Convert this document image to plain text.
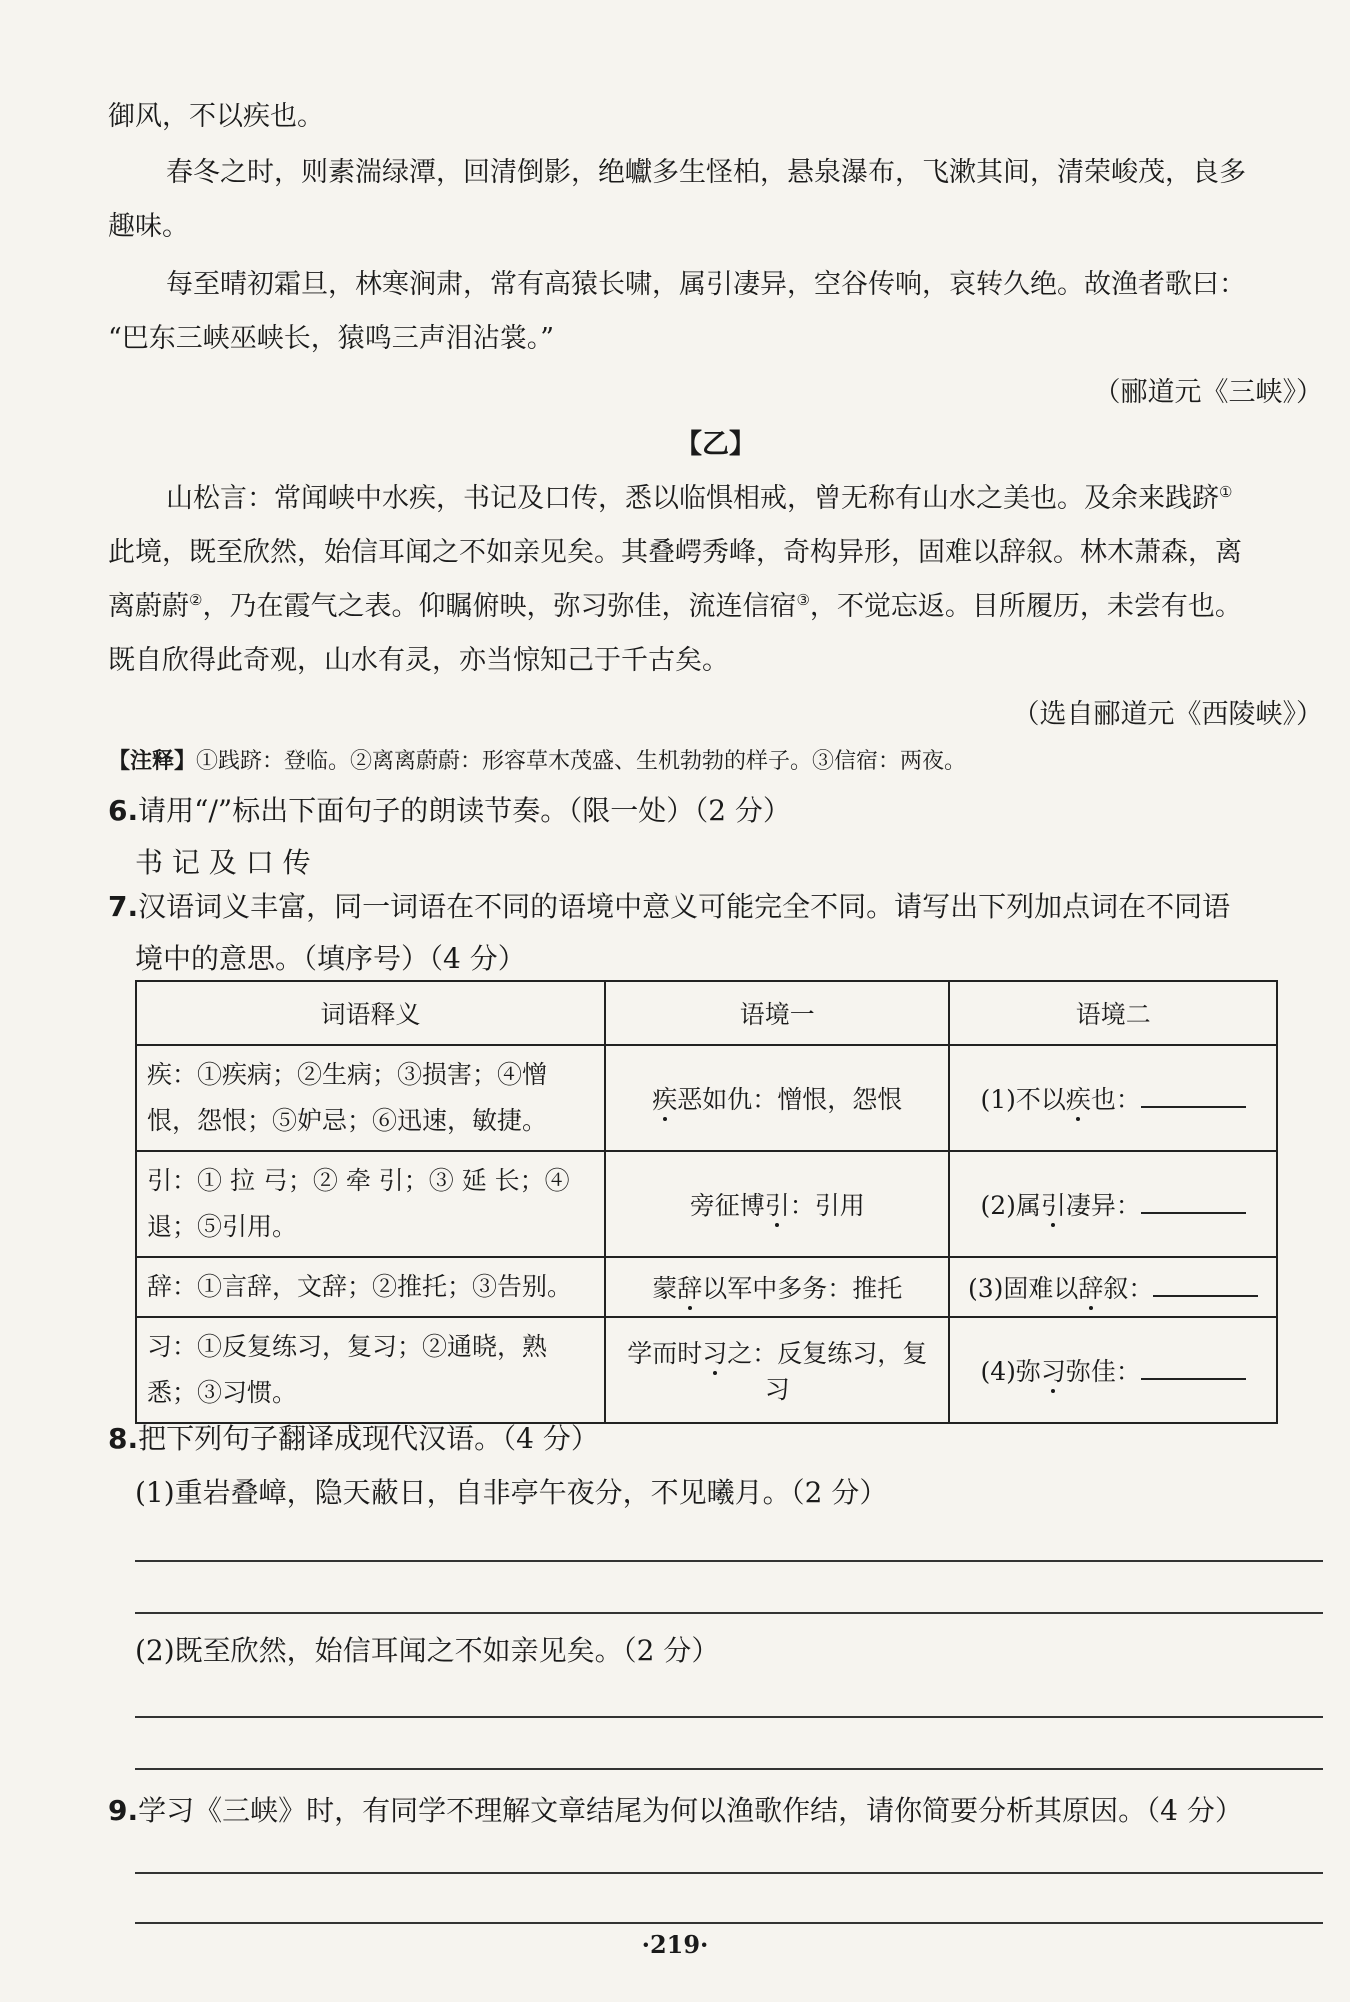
御风，不以疾也。
春冬之时，则素湍绿潭，回清倒影，绝巘多生怪柏，悬泉瀑布，飞漱其间，清荣峻茂，良多
趣味。
每至晴初霜旦，林寒涧肃，常有高猿长啸，属引凄异，空谷传响，哀转久绝。故渔者歌曰：
“巴东三峡巫峡长，猿鸣三声泪沾裳。”
（郦道元《三峡》）
【乙】
山松言：常闻峡中水疾，书记及口传，悉以临惧相戒，曾无称有山水之美也。及余来践跻①
此境，既至欣然，始信耳闻之不如亲见矣。其叠崿秀峰，奇构异形，固难以辞叙。林木萧森，离
离蔚蔚②，乃在霞气之表。仰瞩俯映，弥习弥佳，流连信宿③，不觉忘返。目所履历，未尝有也。
既自欣得此奇观，山水有灵，亦当惊知己于千古矣。
（选自郦道元《西陵峡》）
【注释】①践跻：登临。②离离蔚蔚：形容草木茂盛、生机勃勃的样子。③信宿：两夜。
6.请用“/”标出下面句子的朗读节奏。（限一处）（2 分）
书 记 及 口 传
7.汉语词义丰富，同一词语在不同的语境中意义可能完全不同。请写出下列加点词在不同语
境中的意思。（填序号）（4 分）
词语释义	语境一	语境二
疾：①疾病；②生病；③损害；④憎恨，怨恨；⑤妒忌；⑥迅速，敏捷。	疾恶如仇：憎恨，怨恨	(1)不以疾也：
引：① 拉 弓；② 牵 引；③ 延 长；④ 退；⑤引用。	旁征博引：引用	(2)属引凄异：
辞：①言辞，文辞；②推托；③告别。	蒙辞以军中多务：推托	(3)固难以辞叙：
习：①反复练习，复习；②通晓，熟悉；③习惯。	学而时习之：反复练习，复习	(4)弥习弥佳：
8.把下列句子翻译成现代汉语。（4 分）
(1)重岩叠嶂，隐天蔽日，自非亭午夜分，不见曦月。（2 分）
(2)既至欣然，始信耳闻之不如亲见矣。（2 分）
9.学习《三峡》时，有同学不理解文章结尾为何以渔歌作结，请你简要分析其原因。（4 分）
·219·
